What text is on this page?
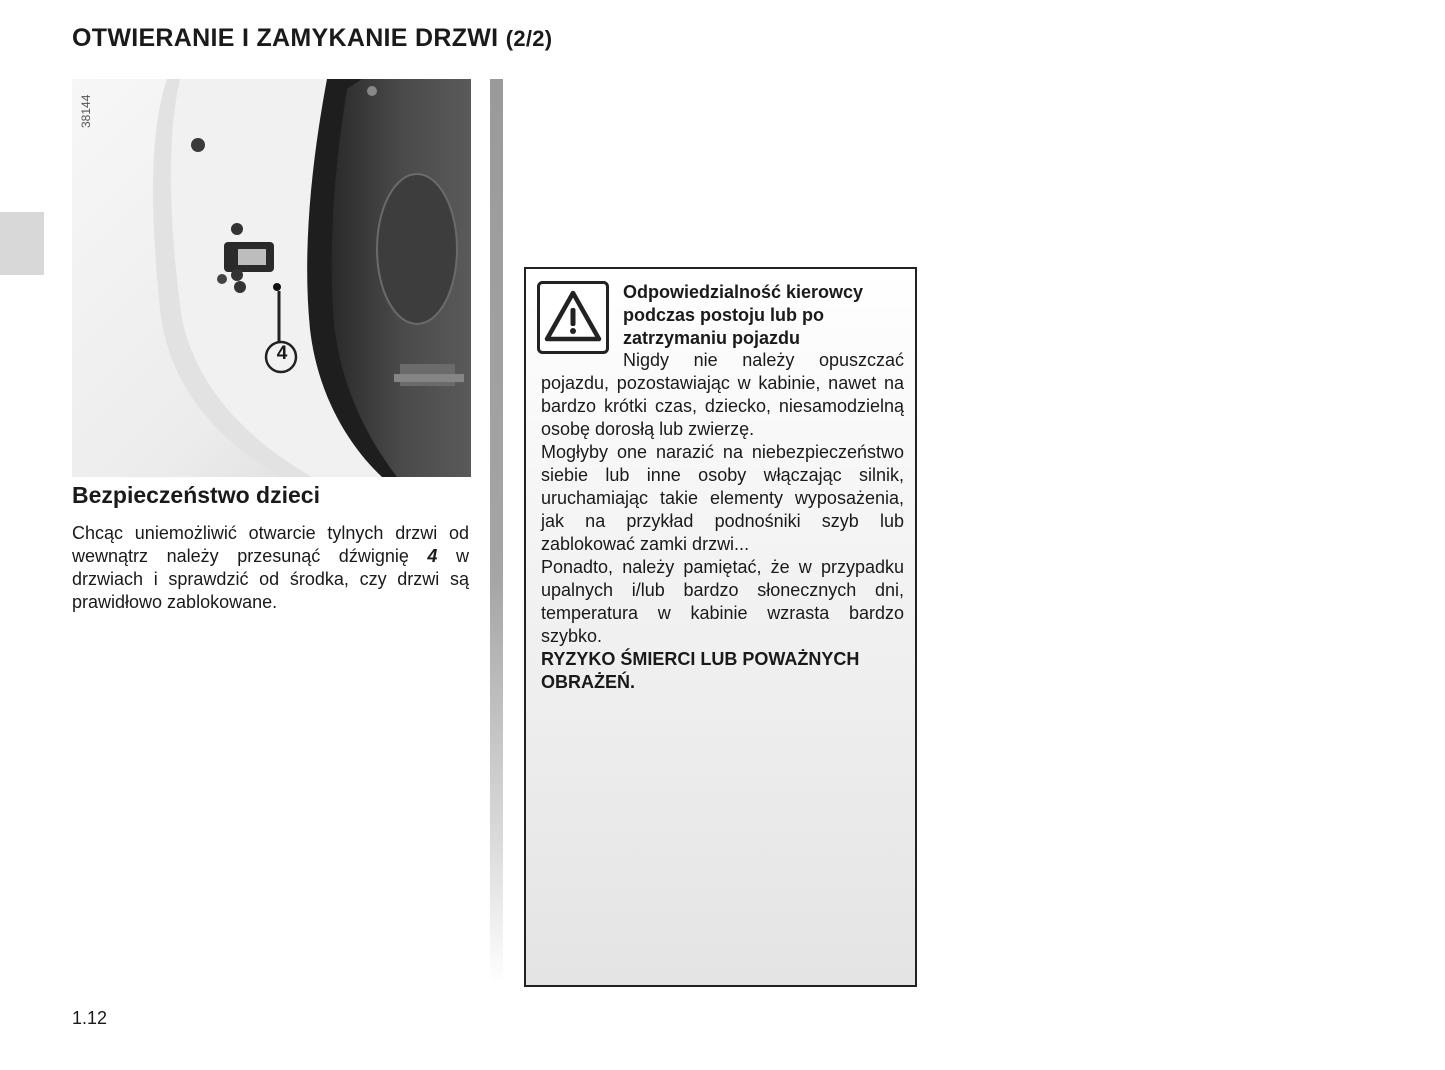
OTWIERANIE I ZAMYKANIE DRZWI (2/2)
38144
4
Bezpieczeństwo dzieci

Chcąc uniemożliwić otwarcie tylnych drzwi od wewnątrz należy przesunąć dźwignię 4 w drzwiach i sprawdzić od środka, czy drzwi są prawidłowo zablokowane.

Odpowiedzialność kierowcy podczas postoju lub po zatrzymaniu pojazdu

Nigdy nie należy opuszczać pojazdu, pozostawiając w kabinie, nawet na bardzo krótki czas, dziecko, niesamodzielną osobę dorosłą lub zwierzę.
Mogłyby one narazić na niebezpieczeństwo siebie lub inne osoby włączając silnik, uruchamiając takie elementy wyposażenia, jak na przykład podnośniki szyb lub zablokować zamki drzwi...
Ponadto, należy pamiętać, że w przypadku upalnych i/lub bardzo słonecznych dni, temperatura w kabinie wzrasta bardzo szybko.

RYZYKO ŚMIERCI LUB POWAŻNYCH OBRAŻEŃ.

1.12
